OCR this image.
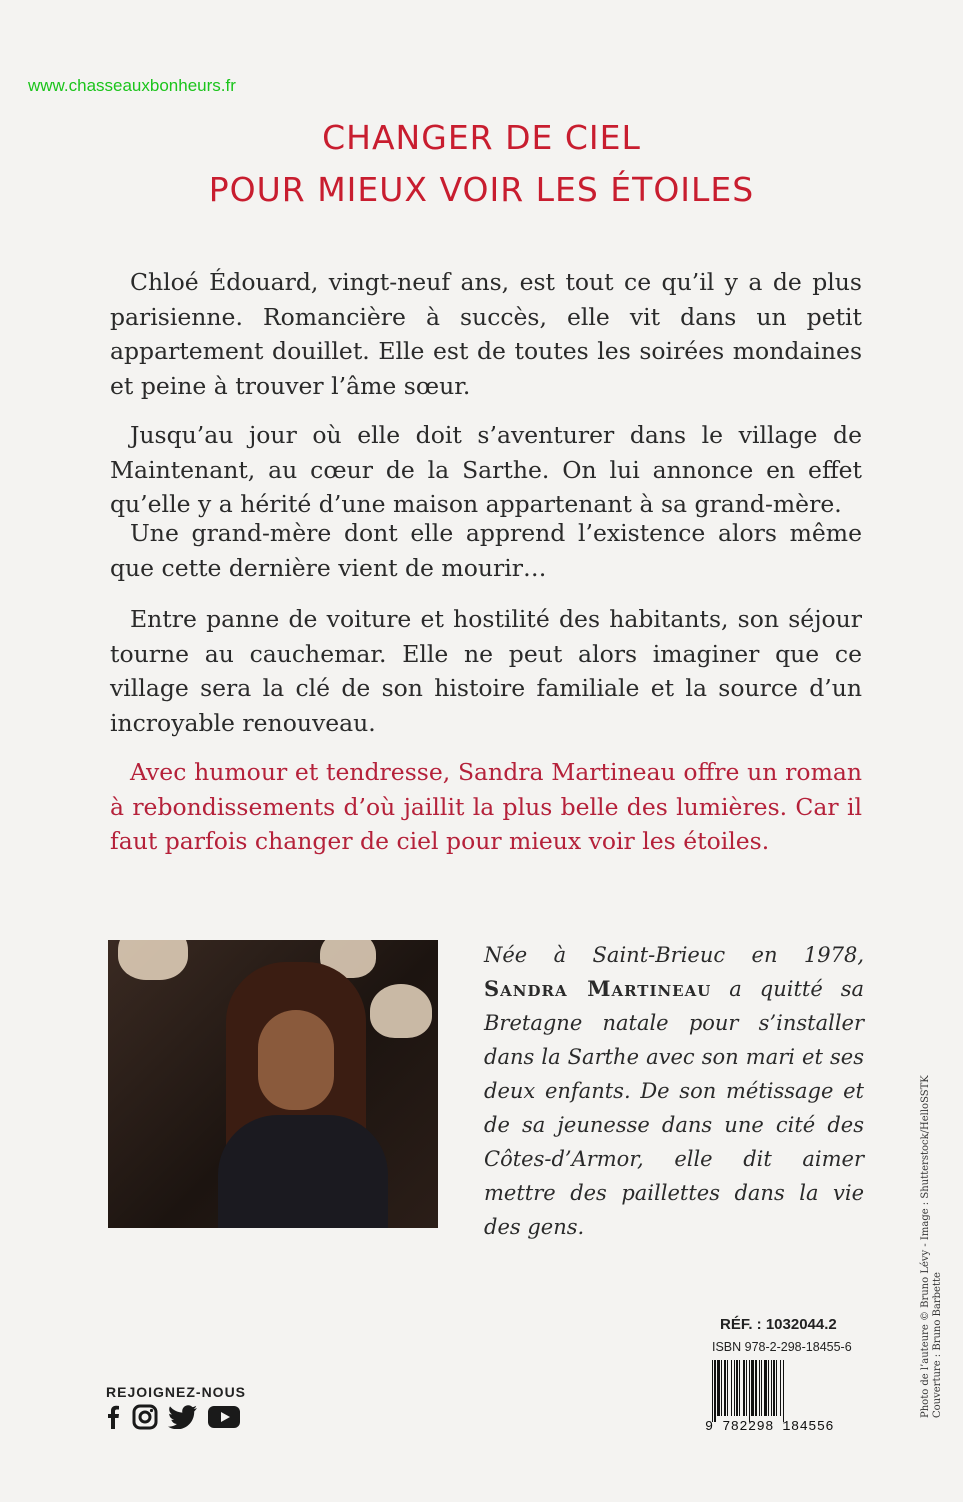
www.chasseauxbonheurs.fr
CHANGER DE CIEL
POUR MIEUX VOIR LES ÉTOILES

Chloé Édouard, vingt-neuf ans, est tout ce qu’il y a de plus parisienne. Romancière à succès, elle vit dans un petit appartement douillet. Elle est de toutes les soirées mondaines et peine à trouver l’âme sœur.

Jusqu’au jour où elle doit s’aventurer dans le village de Maintenant, au cœur de la Sarthe. On lui annonce en effet qu’elle y a hérité d’une maison appartenant à sa grand-mère.

Une grand-mère dont elle apprend l’existence alors même que cette dernière vient de mourir…

Entre panne de voiture et hostilité des habitants, son séjour tourne au cauchemar. Elle ne peut alors imaginer que ce village sera la clé de son histoire familiale et la source d’un incroyable renouveau.

Avec humour et tendresse, Sandra Martineau offre un roman à rebondissements d’où jaillit la plus belle des lumières. Car il faut parfois changer de ciel pour mieux voir les étoiles.

Née à Saint-Brieuc en 1978, Sandra Martineau a quitté sa Bretagne natale pour s’installer dans la Sarthe avec son mari et ses deux enfants. De son métissage et de sa jeunesse dans une cité des Côtes-d’Armor, elle dit aimer mettre des paillettes dans la vie des gens.
RÉF. : 1032044.2
ISBN 978-2-298-18455-6
9 782298 184556
Photo de l’auteure © Bruno Lévy - Image : Shutterstock/HelloSSTK Couverture : Bruno Barbette
REJOIGNEZ-NOUS
